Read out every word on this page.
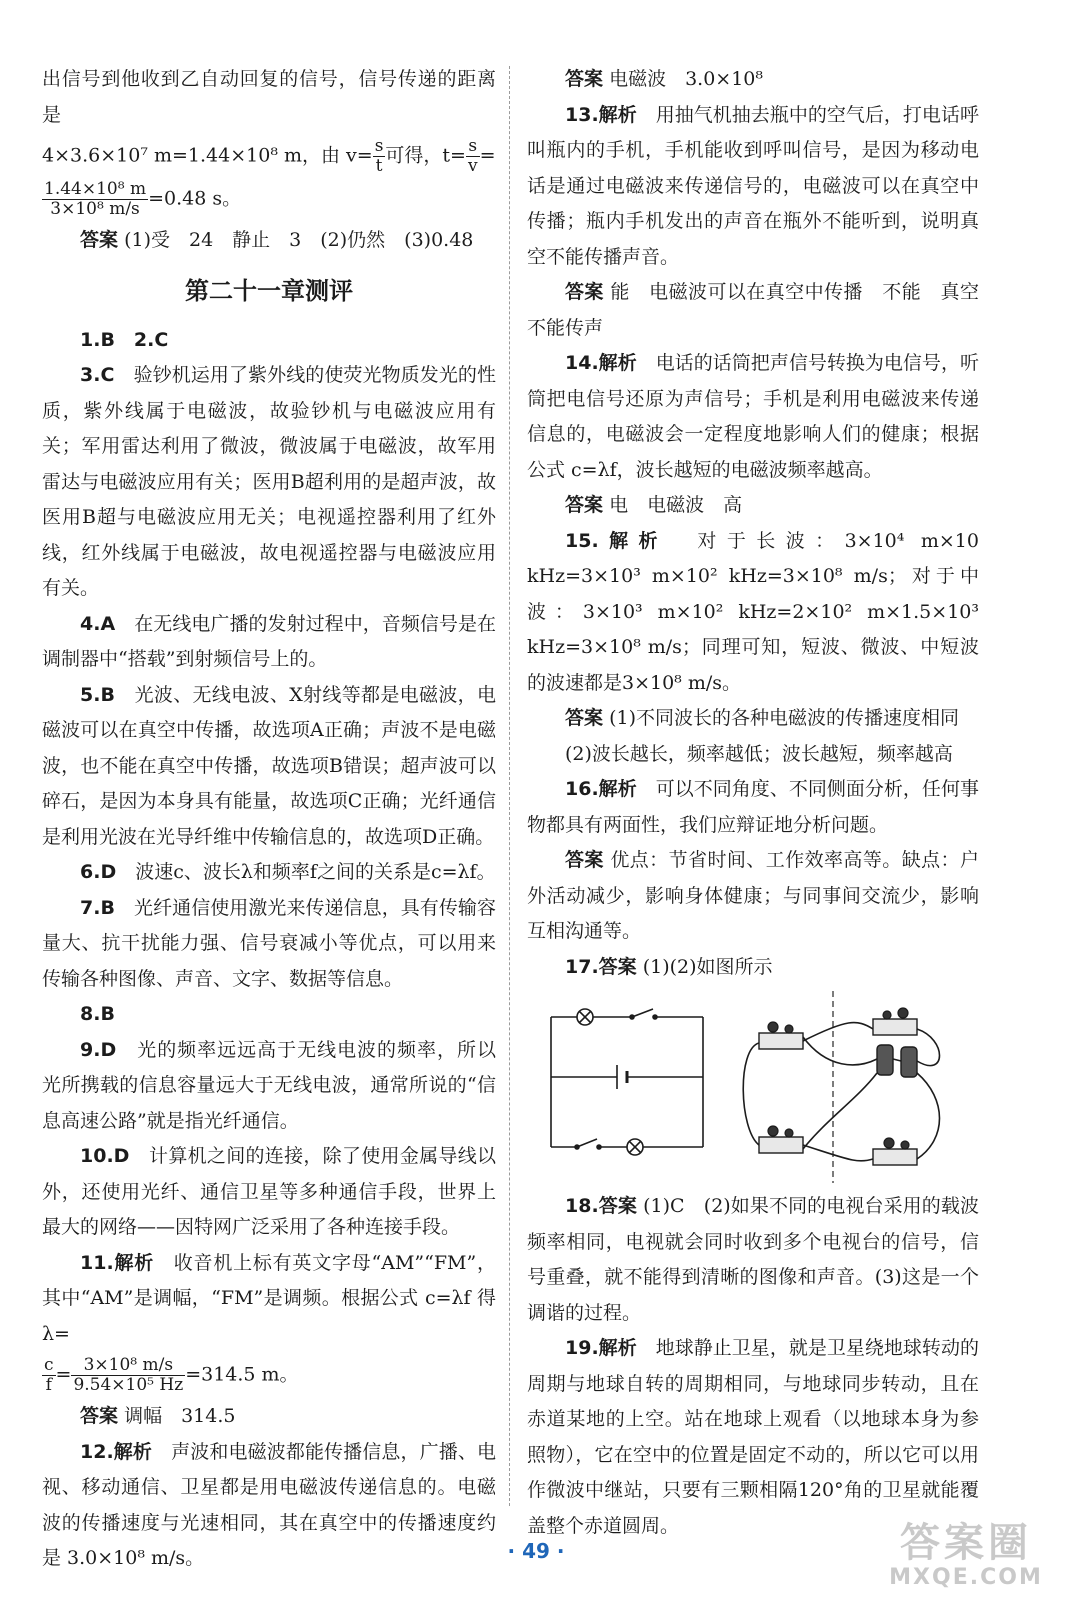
出信号到他收到乙自动回复的信号，信号传递的距离是

4×3.6×10⁷ m=1.44×10⁸ m，由 $v= \frac{s}{t}$ 可得，$t= \frac{s}{v}$ =

$\frac{\text{1.44×10⁸ m}}{\text{3×10⁸ m/s}} =0.48$ s。

答案 (1)受　24　静止　3　(2)仍然　(3)0.48

第二十一章测评

1.B　2.C

3.C　 验钞机运用了紫外线的使荧光物质发光的性质，紫外线属于电磁波，故验钞机与电磁波应用有关；军用雷达利用了微波，微波属于电磁波，故军用雷达与电磁波应用有关；医用B超利用的是超声波，故医用B超与电磁波应用无关；电视遥控器利用了红外线，红外线属于电磁波，故电视遥控器与电磁波应用有关。

4.A　 在无线电广播的发射过程中，音频信号是在调制器中“搭载”到射频信号上的。

5.B　 光波、无线电波、X射线等都是电磁波，电磁波可以在真空中传播，故选项A正确；声波不是电磁波，也不能在真空中传播，故选项B错误；超声波可以碎石，是因为本身具有能量，故选项C正确；光纤通信是利用光波在光导纤维中传输信息的，故选项D正确。

6.D　 波速c、波长λ和频率f之间的关系是c=λf。

7.B　 光纤通信使用激光来传递信息，具有传输容量大、抗干扰能力强、信号衰减小等优点，可以用来传输各种图像、声音、文字、数据等信息。

8.B

9.D　 光的频率远远高于无线电波的频率，所以光所携载的信息容量远大于无线电波，通常所说的“信息高速公路”就是指光纤通信。

10.D　 计算机之间的连接，除了使用金属导线以外，还使用光纤、通信卫星等多种通信手段，世界上最大的网络——因特网广泛采用了各种连接手段。

11.解析　 收音机上标有英文字母“AM”“FM”，其中“AM”是调幅，“FM”是调频。根据公式 c=λf 得λ=

$\frac{c}{f} = \frac{\text{3×10⁸ m/s}}{\text{9.54×10⁵ Hz}} =314.5$ m。

答案 调幅　314.5

12.解析　 声波和电磁波都能传播信息，广播、电视、移动通信、卫星都是用电磁波传递信息的。电磁波的传播速度与光速相同，其在真空中的传播速度约是 3.0×10⁸ m/s。

答案 电磁波　3.0×10⁸

13.解析　 用抽气机抽去瓶中的空气后，打电话呼叫瓶内的手机，手机能收到呼叫信号，是因为移动电话是通过电磁波来传递信号的，电磁波可以在真空中传播；瓶内手机发出的声音在瓶外不能听到，说明真空不能传播声音。

答案 能　电磁波可以在真空中传播　不能　真空不能传声

14.解析　 电话的话筒把声信号转换为电信号，听筒把电信号还原为声信号；手机是利用电磁波来传递信息的，电磁波会一定程度地影响人们的健康；根据公式 c=λf，波长越短的电磁波频率越高。

答案 电　电磁波　高

15.解析　 对于长波：3×10⁴ m×10 kHz=3×10³ m×10² kHz=3×10⁸ m/s；对于中波：3×10³ m×10² kHz=2×10² m×1.5×10³ kHz=3×10⁸ m/s；同理可知，短波、微波、中短波的波速都是3×10⁸ m/s。

答案 (1)不同波长的各种电磁波的传播速度相同

(2)波长越长，频率越低；波长越短，频率越高

16.解析　 可以不同角度、不同侧面分析，任何事物都具有两面性，我们应辩证地分析问题。

答案 优点：节省时间、工作效率高等。缺点：户外活动减少，影响身体健康；与同事间交流少，影响互相沟通等。

17.答案 (1)(2)如图所示

18.答案 (1)C　(2)如果不同的电视台采用的载波频率相同，电视就会同时收到多个电视台的信号，信号重叠，就不能得到清晰的图像和声音。(3)这是一个调谐的过程。

19.解析　 地球静止卫星，就是卫星绕地球转动的周期与地球自转的周期相同，与地球同步转动，且在赤道某地的上空。站在地球上观看（以地球本身为参照物），它在空中的位置是固定不动的，所以它可以用作微波中继站，只要有三颗相隔120°角的卫星就能覆盖整个赤道圆周。

· 49 ·	答案圈
MXQE.COM
